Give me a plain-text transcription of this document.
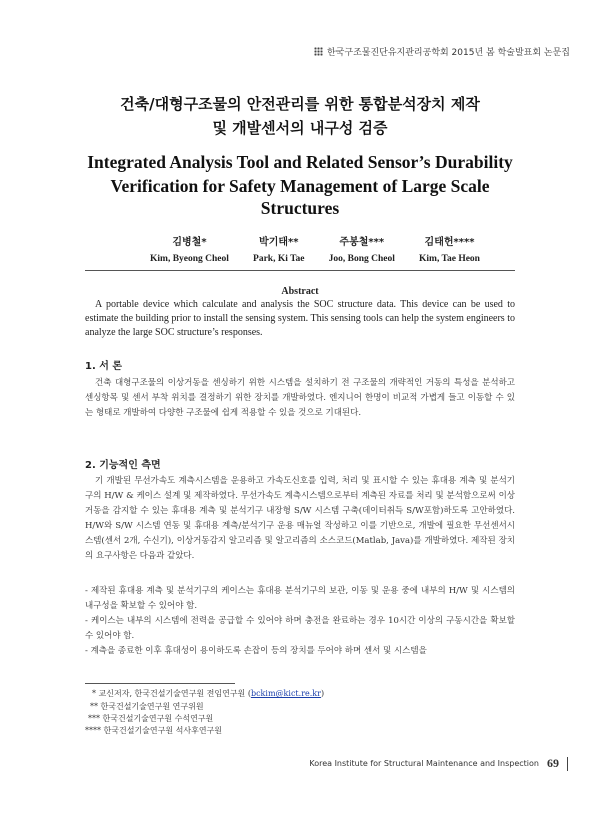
한국구조물진단유지관리공학회 2015년 봄 학술발표회 논문집
건축/대형구조물의 안전관리를 위한 통합분석장치 제작
및 개발센서의 내구성 검증
Integrated Analysis Tool and Related Sensor’s Durability
Verification for Safety Management of Large Scale
Structures
김병철*
Kim, Byeong Cheol
박기태**
Park, Ki Tae
주봉철***
Joo, Bong Cheol
김태헌****
Kim, Tae Heon
Abstract
A portable device which calculate and analysis the SOC structure data. This device can be used to estimate the building prior to install the sensing system. This sensing tools can help the system engineers to analyze the large SOC structure’s responses.
1. 서 론

건축 대형구조물의 이상거동을 센싱하기 위한 시스템을 설치하기 전 구조물의 개략적인 거동의 특성을 분석하고 센싱항목 및 센서 부착 위치를 결정하기 위한 장치를 개발하였다. 엔지니어 한명이 비교적 가볍게 들고 이동할 수 있는 형태로 개발하여 다양한 구조물에 쉽게 적용할 수 있을 것으로 기대된다.

2. 기능적인 측면

기 개발된 무선가속도 계측시스템을 운용하고 가속도신호를 입력, 처리 및 표시할 수 있는 휴대용 계측 및 분석기구의 H/W & 케이스 설계 및 제작하였다. 무선가속도 계측시스템으로부터 계측된 자료를 처리 및 분석함으로써 이상거동을 감지할 수 있는 휴대용 계측 및 분석기구 내장형 S/W 시스템 구축(데이터취득 S/W포함)하도록 고안하였다. H/W와 S/W 시스템 연동 및 휴대용 계측/분석기구 운용 매뉴얼 작성하고 이를 기반으로, 개발에 필요한 무선센서시스템(센서 2개, 수신기), 이상거동감지 알고리즘 및 알고리즘의 소스코드(Matlab, Java)를 개발하였다. 제작된 장치의 요구사항은 다음과 같았다.

- 제작된 휴대용 계측 및 분석기구의 케이스는 휴대용 분석기구의 보관, 이동 및 운용 중에 내부의 H/W 및 시스템의 내구성을 확보할 수 있어야 함.
- 케이스는 내부의 시스템에 전력을 공급할 수 있어야 하며 충전을 완료하는 경우 10시간 이상의 구동시간을 확보할 수 있어야 함.
- 계측을 종료한 이후 휴대성이 용이하도록 손잡이 등의 장치를 두어야 하며 센서 및 시스템을
* 교신저자, 한국건설기술연구원 전임연구원 (bckim@kict.re.kr)
** 한국건설기술연구원 연구위원
*** 한국건설기술연구원 수석연구원
**** 한국건설기술연구원 석사후연구원
Korea Institute for Structural Maintenance and Inspection 69
